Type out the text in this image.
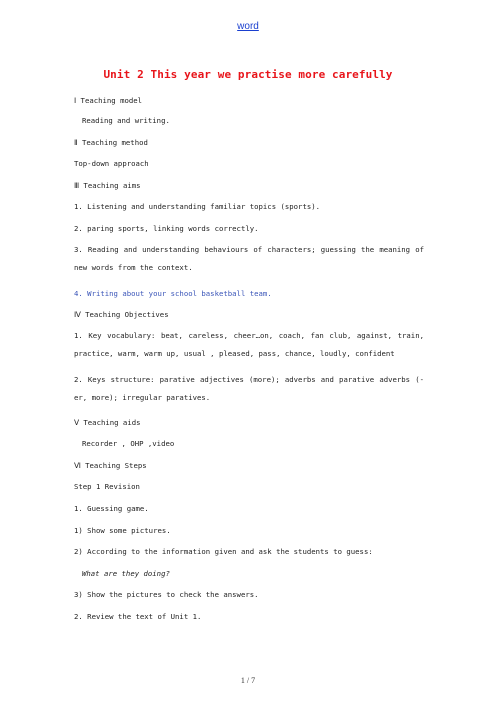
word
Unit 2 This year we practise more carefully
Ⅰ Teaching model
Reading and writing.
Ⅱ Teaching method
Top-down approach
Ⅲ Teaching aims
1. Listening and understanding familiar topics (sports).
2. paring sports, linking words correctly.
3. Reading and understanding behaviours of characters; guessing the meaning of new words from the context.
4. Writing about your school basketball team.
Ⅳ Teaching Objectives
1. Key vocabulary: beat, careless, cheer…on, coach, fan club, against, train, practice, warm, warm up, usual , pleased, pass, chance, loudly, confident
2. Keys structure: parative adjectives (more); adverbs and parative adverbs (-er, more); irregular paratives.
Ⅴ Teaching aids
Recorder , OHP ,video
Ⅵ Teaching Steps
Step 1 Revision
1. Guessing game.
1) Show some pictures.
2) According to the information given and ask the students to guess:
What are they doing?
3) Show the pictures to check the answers.
2. Review the text of Unit 1.
1 / 7
